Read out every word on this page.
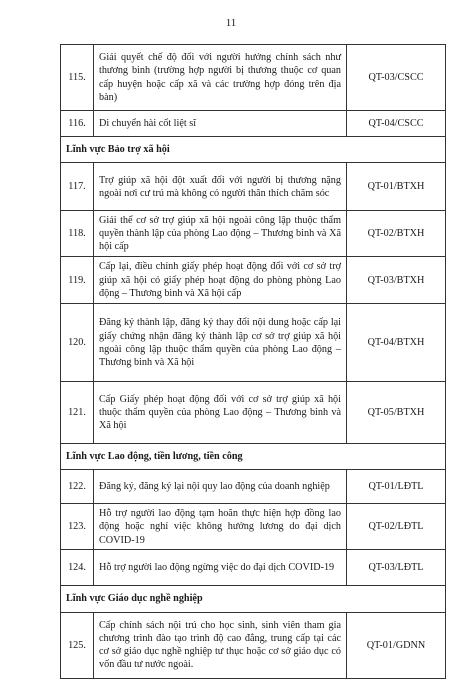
11
115.	Giải quyết chế độ đối với người hưởng chính sách như thương binh (trường hợp người bị thương thuộc cơ quan cấp huyện hoặc cấp xã và các trường hợp đóng trên địa bàn)	QT-03/CSCC
116.	Di chuyển hài cốt liệt sĩ	QT-04/CSCC
Lĩnh vực Bảo trợ xã hội		
117.	Trợ giúp xã hội đột xuất đối với người bị thương nặng ngoài nơi cư trú mà không có người thân thích chăm sóc	QT-01/BTXH
118.	Giải thể cơ sở trợ giúp xã hội ngoài công lập thuộc thẩm quyền thành lập của phòng Lao động – Thương binh và Xã hội cấp	QT-02/BTXH
119.	Cấp lại, điều chỉnh giấy phép hoạt động đối với cơ sở trợ giúp xã hội có giấy phép hoạt động do phòng phòng Lao động – Thương binh và Xã hội cấp	QT-03/BTXH
120.	Đăng ký thành lập, đăng ký thay đổi nội dung hoặc cấp lại giấy chứng nhận đăng ký thành lập cơ sở trợ giúp xã hội ngoài công lập thuộc thẩm quyền của phòng Lao động – Thương binh và Xã hội	QT-04/BTXH
121.	Cấp Giấy phép hoạt động đối với cơ sở trợ giúp xã hội thuộc thẩm quyền của phòng Lao động – Thương binh và Xã hội	QT-05/BTXH
Lĩnh vực Lao động, tiền lương, tiền công		
122.	Đăng ký, đăng ký lại nội quy lao động của doanh nghiệp	QT-01/LĐTL
123.	Hỗ trợ người lao động tạm hoãn thực hiện hợp đồng lao động hoặc nghỉ việc không hưởng lương do đại dịch COVID-19	QT-02/LĐTL
124.	Hỗ trợ người lao động ngừng việc do đại dịch COVID-19	QT-03/LĐTL
Lĩnh vực Giáo dục nghề nghiệp		
125.	Cấp chính sách nội trú cho học sinh, sinh viên tham gia chương trình đào tạo trình độ cao đẳng, trung cấp tại các cơ sở giáo dục nghề nghiệp tư thục hoặc cơ sở giáo dục có vốn đầu tư nước ngoài.	QT-01/GDNN
